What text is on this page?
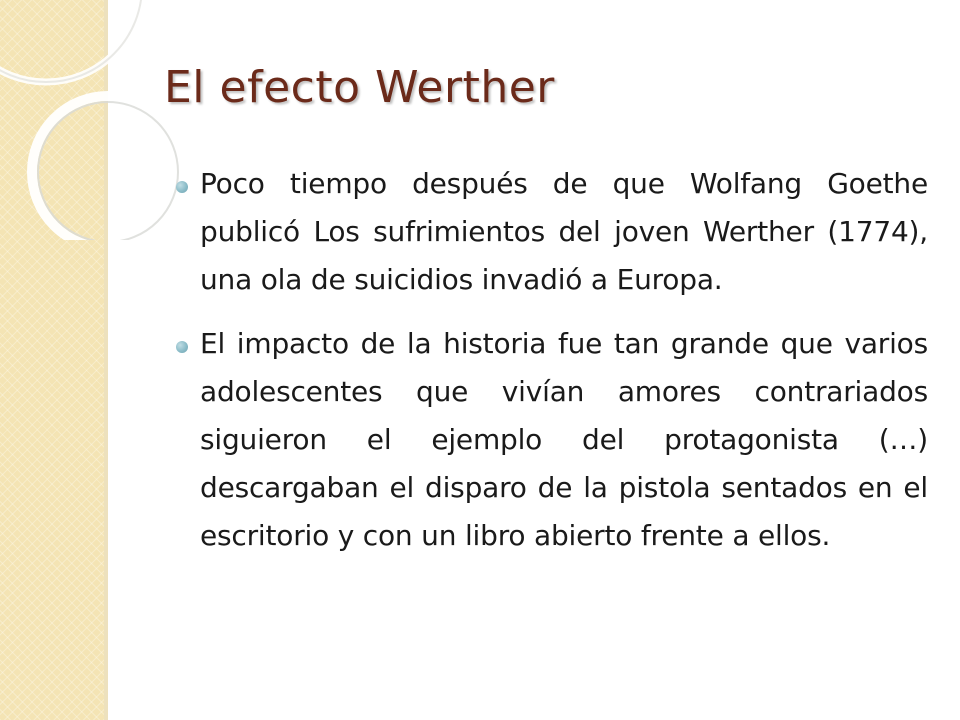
El efecto Werther
Poco tiempo después de que Wolfang Goethe publicó Los sufrimientos del joven Werther (1774), una ola de suicidios invadió a Europa.
El impacto de la historia fue tan grande que varios adolescentes que vivían amores contrariados siguieron el ejemplo del protagonista (…) descargaban el disparo de la pistola sentados en el escritorio y con un libro abierto frente a ellos.
